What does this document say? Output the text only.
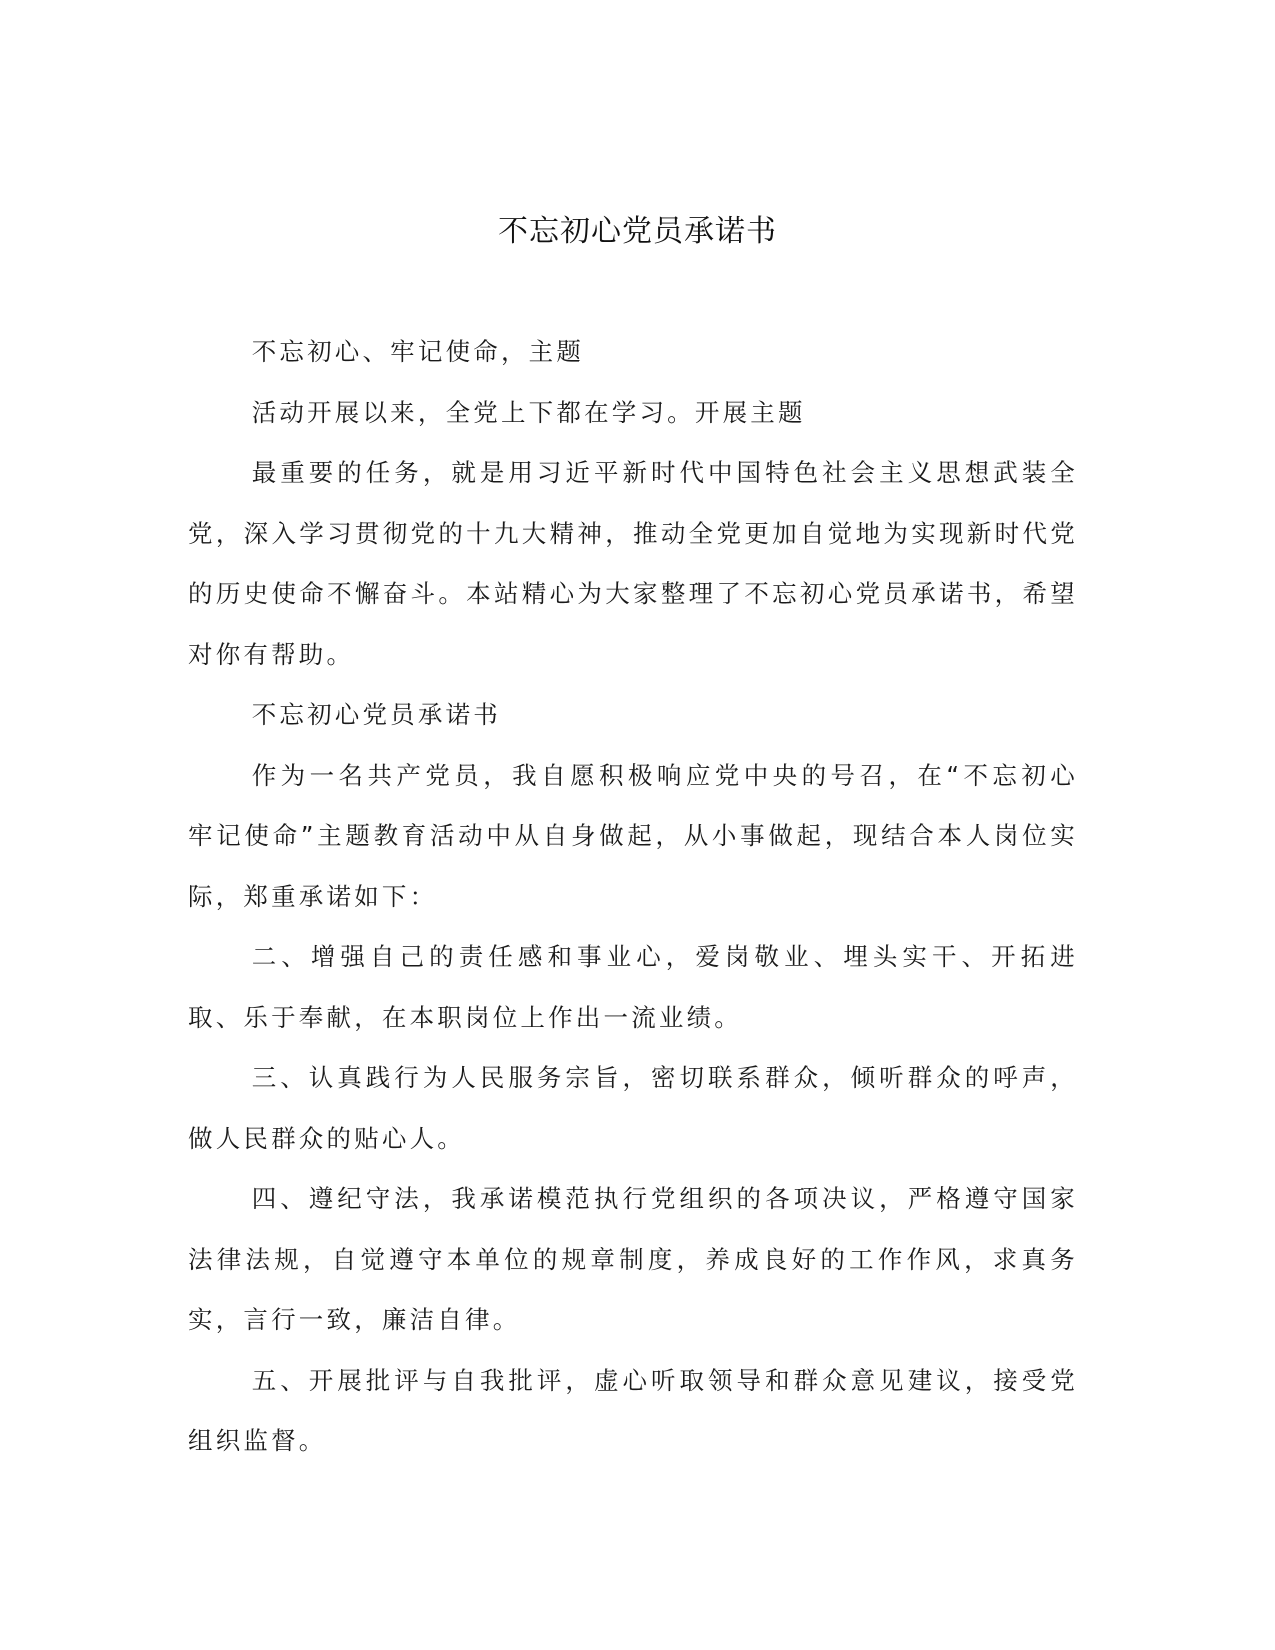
不忘初心党员承诺书

不忘初心、牢记使命，主题

活动开展以来，全党上下都在学习。开展主题

最重要的任务，就是用习近平新时代中国特色社会主义思想武装全党，深入学习贯彻党的十九大精神，推动全党更加自觉地为实现新时代党的历史使命不懈奋斗。本站精心为大家整理了不忘初心党员承诺书，希望对你有帮助。

不忘初心党员承诺书

作为一名共产党员，我自愿积极响应党中央的号召，在“不忘初心 牢记使命”主题教育活动中从自身做起，从小事做起，现结合本人岗位实际，郑重承诺如下：

二、增强自己的责任感和事业心，爱岗敬业、埋头实干、开拓进取、乐于奉献，在本职岗位上作出一流业绩。

三、认真践行为人民服务宗旨，密切联系群众，倾听群众的呼声，做人民群众的贴心人。

四、遵纪守法，我承诺模范执行党组织的各项决议，严格遵守国家法律法规，自觉遵守本单位的规章制度，养成良好的工作作风，求真务实，言行一致，廉洁自律。

五、开展批评与自我批评，虚心听取领导和群众意见建议，接受党组织监督。
